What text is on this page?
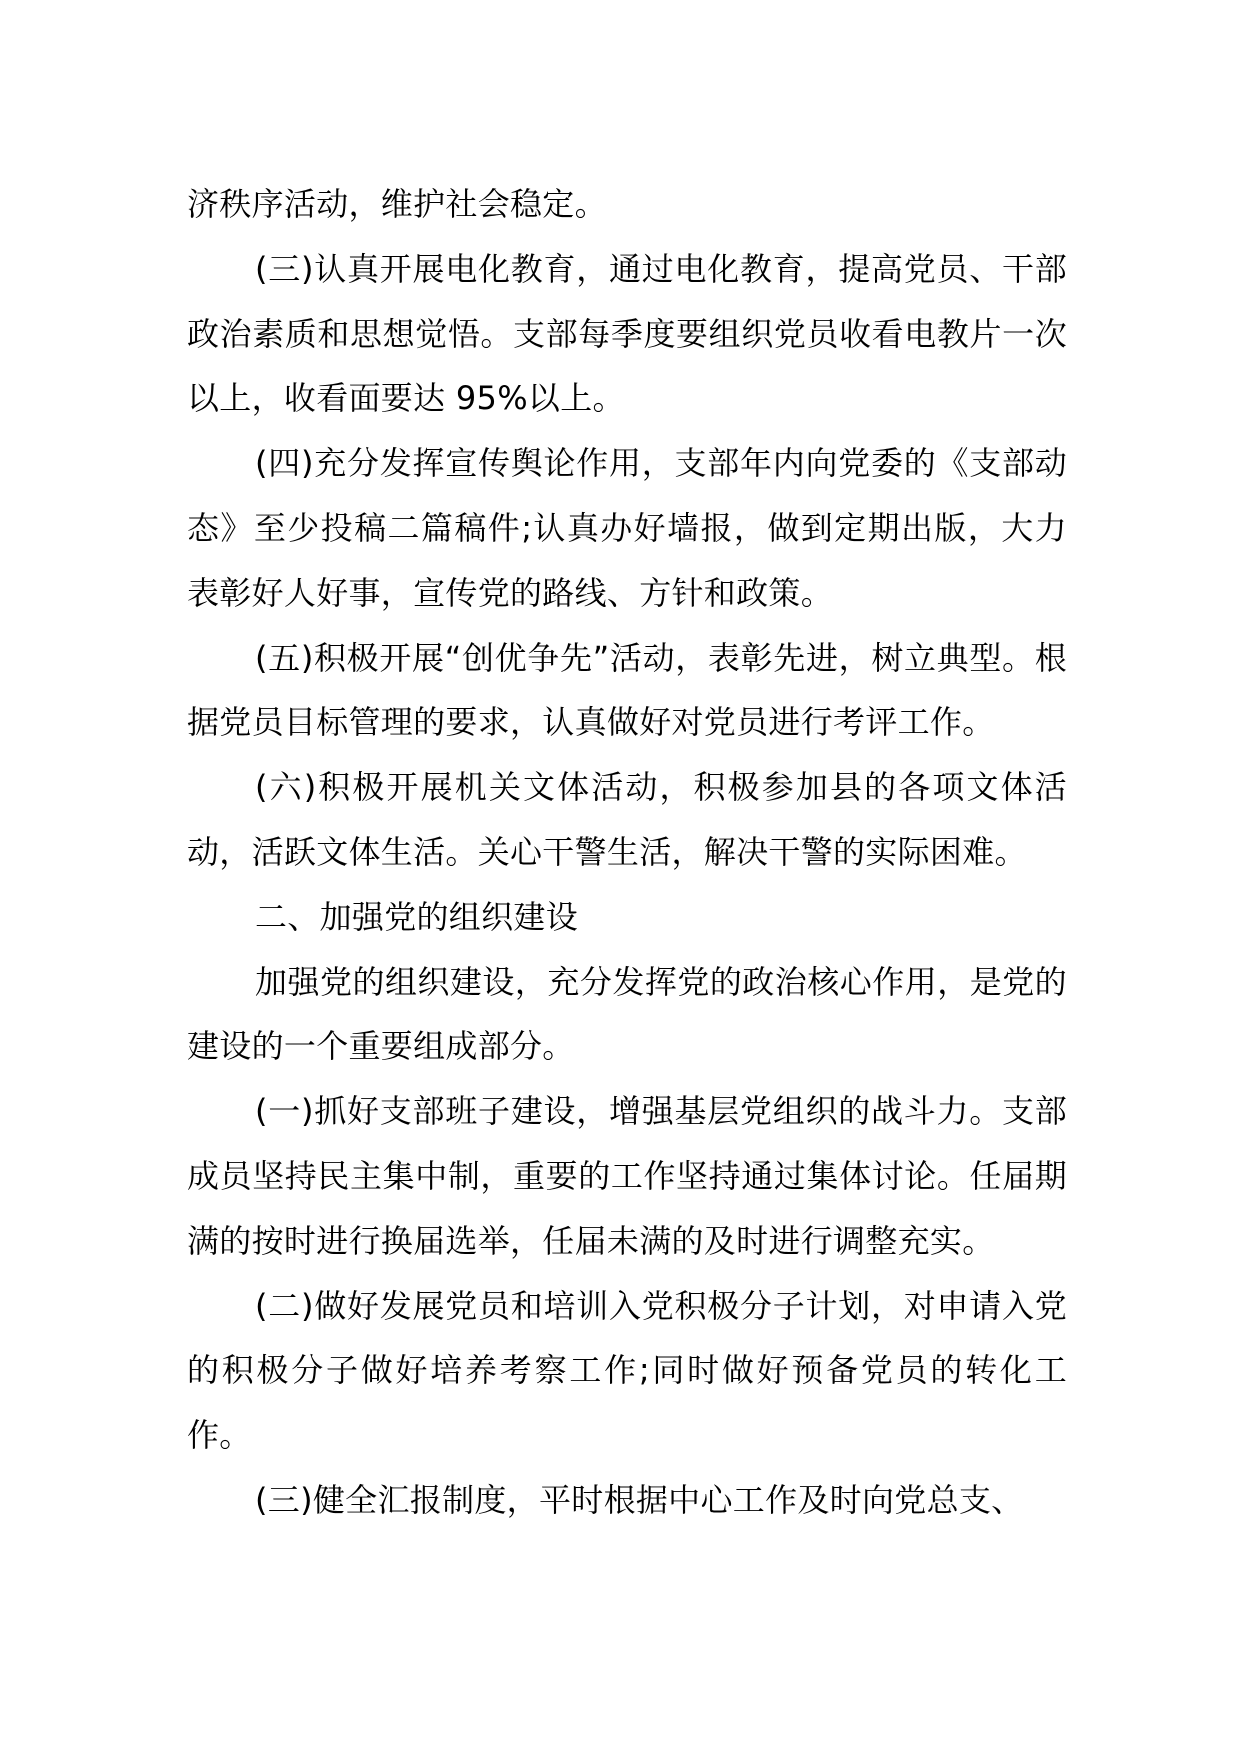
济秩序活动，维护社会稳定。

(三)认真开展电化教育，通过电化教育，提高党员、干部政治素质和思想觉悟。支部每季度要组织党员收看电教片一次以上，收看面要达 95%以上。

(四)充分发挥宣传舆论作用，支部年内向党委的《支部动态》至少投稿二篇稿件;认真办好墙报，做到定期出版，大力表彰好人好事，宣传党的路线、方针和政策。

(五)积极开展“创优争先”活动，表彰先进，树立典型。根据党员目标管理的要求，认真做好对党员进行考评工作。

(六)积极开展机关文体活动，积极参加县的各项文体活动，活跃文体生活。关心干警生活，解决干警的实际困难。

二、加强党的组织建设

加强党的组织建设，充分发挥党的政治核心作用，是党的建设的一个重要组成部分。

(一)抓好支部班子建设，增强基层党组织的战斗力。支部成员坚持民主集中制，重要的工作坚持通过集体讨论。任届期满的按时进行换届选举，任届未满的及时进行调整充实。

(二)做好发展党员和培训入党积极分子计划，对申请入党的积极分子做好培养考察工作;同时做好预备党员的转化工作。

(三)健全汇报制度，平时根据中心工作及时向党总支、
